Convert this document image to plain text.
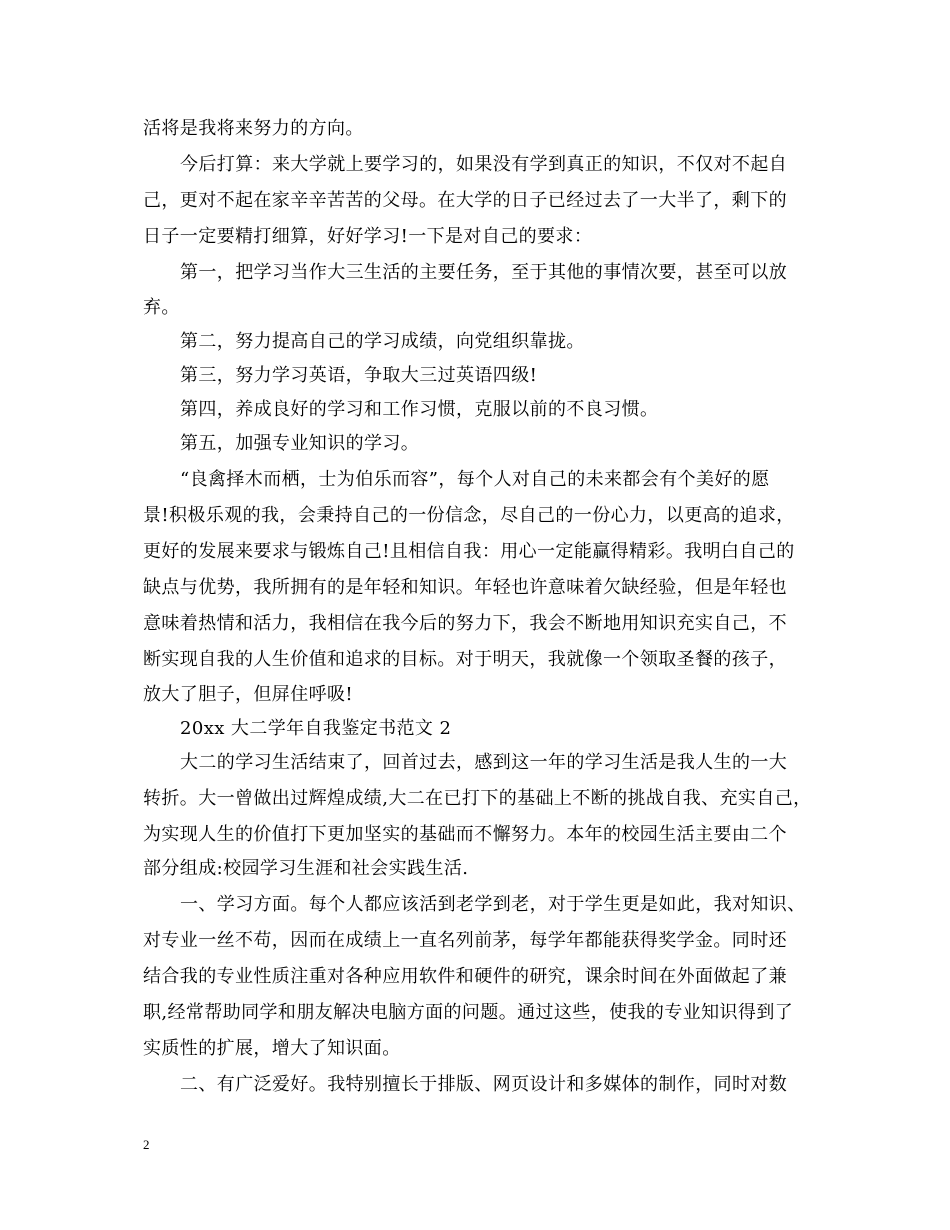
活将是我将来努力的方向。
今后打算：来大学就上要学习的，如果没有学到真正的知识，不仅对不起自
己，更对不起在家辛辛苦苦的父母。在大学的日子已经过去了一大半了，剩下的
日子一定要精打细算，好好学习!一下是对自己的要求：
第一，把学习当作大三生活的主要任务，至于其他的事情次要，甚至可以放
弃。
第二，努力提高自己的学习成绩，向党组织靠拢。
第三，努力学习英语，争取大三过英语四级!
第四，养成良好的学习和工作习惯，克服以前的不良习惯。
第五，加强专业知识的学习。
“良禽择木而栖，士为伯乐而容”，每个人对自己的未来都会有个美好的愿
景!积极乐观的我，会秉持自己的一份信念，尽自己的一份心力，以更高的追求，
更好的发展来要求与锻炼自己!且相信自我：用心一定能赢得精彩。我明白自己的
缺点与优势，我所拥有的是年轻和知识。年轻也许意味着欠缺经验，但是年轻也
意味着热情和活力，我相信在我今后的努力下，我会不断地用知识充实自己，不
断实现自我的人生价值和追求的目标。对于明天，我就像一个领取圣餐的孩子，
放大了胆子，但屏住呼吸!
20xx 大二学年自我鉴定书范文 2
大二的学习生活结束了，回首过去，感到这一年的学习生活是我人生的一大
转折。大一曾做出过辉煌成绩,大二在已打下的基础上不断的挑战自我、充实自己，
为实现人生的价值打下更加坚实的基础而不懈努力。本年的校园生活主要由二个
部分组成:校园学习生涯和社会实践生活.
一、学习方面。每个人都应该活到老学到老，对于学生更是如此，我对知识、
对专业一丝不苟，因而在成绩上一直名列前茅，每学年都能获得奖学金。同时还
结合我的专业性质注重对各种应用软件和硬件的研究，课余时间在外面做起了兼
职,经常帮助同学和朋友解决电脑方面的问题。通过这些，使我的专业知识得到了
实质性的扩展，增大了知识面。
二、有广泛爱好。我特别擅长于排版、网页设计和多媒体的制作，同时对数
2
